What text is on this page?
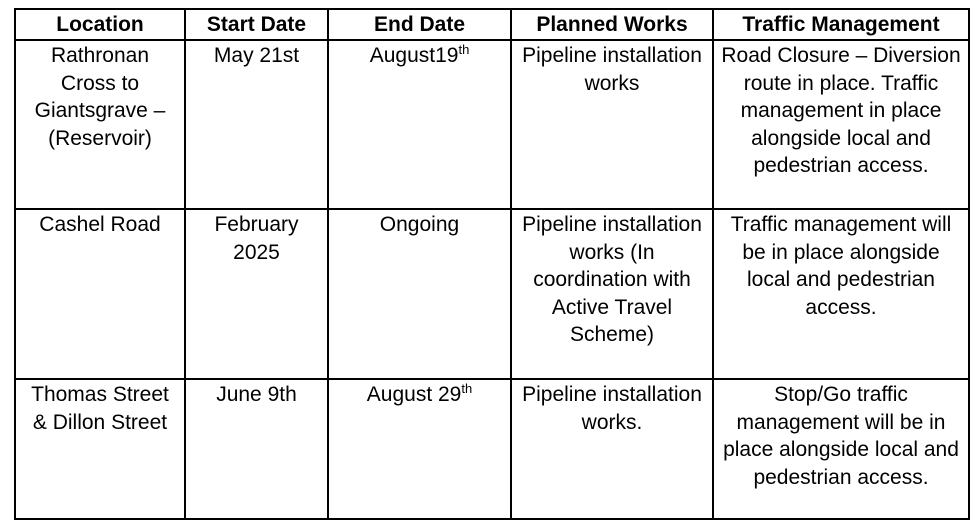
Location	Start Date	End Date	Planned Works	Traffic Management
Rathronan Cross to Giantsgrave – (Reservoir)	May 21st	August19th	Pipeline installation works	Road Closure – Diversion route in place. Traffic management in place alongside local and pedestrian access.
Cashel Road	February 2025	Ongoing	Pipeline installation works (In coordination with Active Travel Scheme)	Traffic management will be in place alongside local and pedestrian access.
Thomas Street & Dillon Street	June 9th	August 29th	Pipeline installation works.	Stop/Go traffic management will be in place alongside local and pedestrian access.
